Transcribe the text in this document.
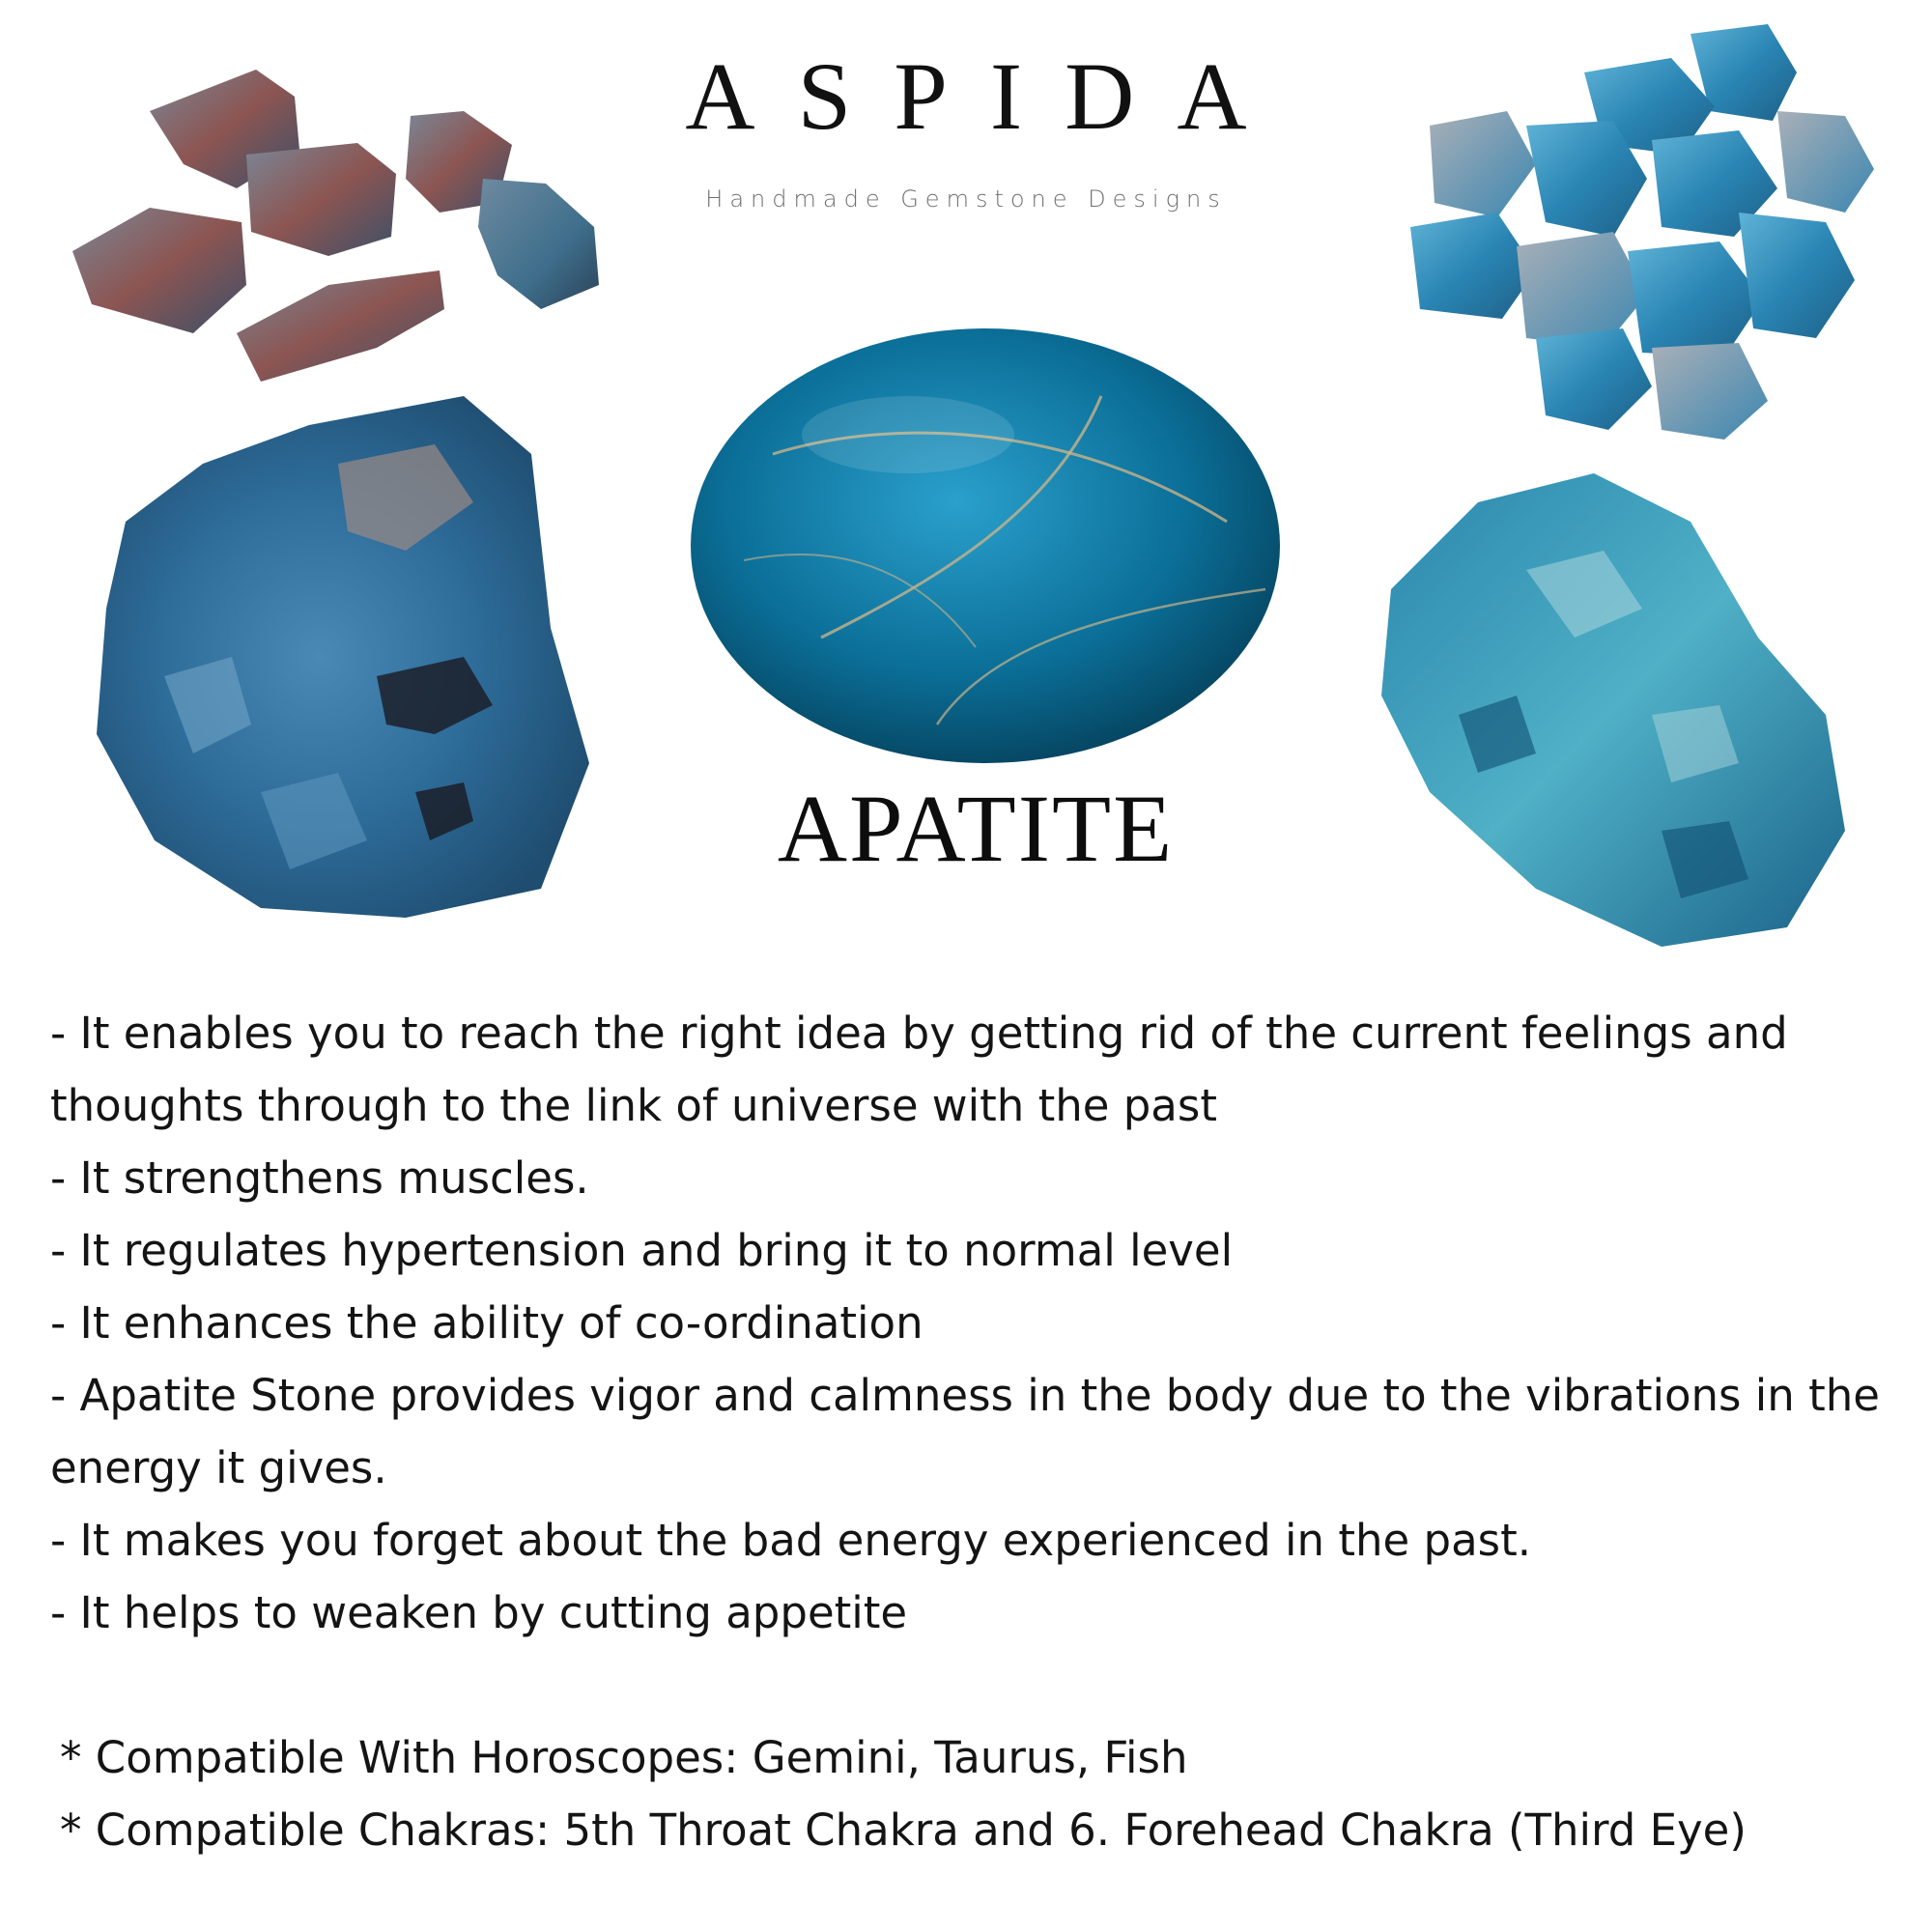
ASPIDA
Handmade Gemstone Designs
APATITE

- It enables you to reach the right idea by getting rid of the current feelings and thoughts through to the link of universe with the past

- It strengthens muscles.

- It regulates hypertension and bring it to normal level

- It enhances the ability of co-ordination

- Apatite Stone provides vigor and calmness in the body due to the vibrations in the energy it gives.

- It makes you forget about the bad energy experienced in the past.

- It helps to weaken by cutting appetite

* Compatible With Horoscopes: Gemini, Taurus, Fish

* Compatible Chakras: 5th Throat Chakra and 6. Forehead Chakra (Third Eye)
